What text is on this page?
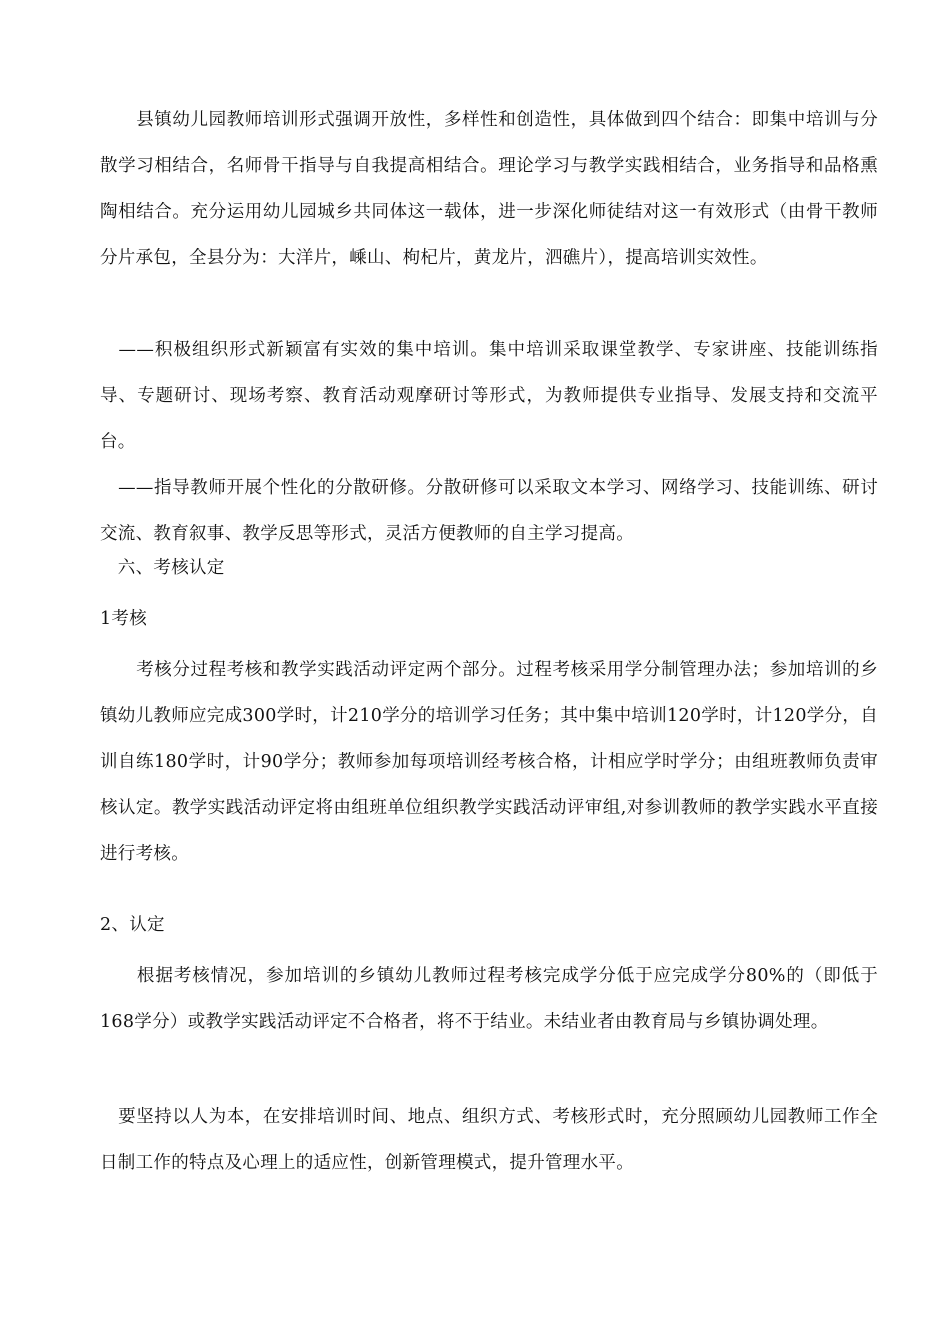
　　县镇幼儿园教师培训形式强调开放性，多样性和创造性，具体做到四个结合：即集中培训与分散学习相结合，名师骨干指导与自我提高相结合。理论学习与教学实践相结合，业务指导和品格熏陶相结合。充分运用幼儿园城乡共同体这一载体，进一步深化师徒结对这一有效形式（由骨干教师分片承包，全县分为：大洋片，嵊山、枸杞片，黄龙片，泗礁片），提高培训实效性。

　——积极组织形式新颖富有实效的集中培训。集中培训采取课堂教学、专家讲座、技能训练指导、专题研讨、现场考察、教育活动观摩研讨等形式，为教师提供专业指导、发展支持和交流平台。

　——指导教师开展个性化的分散研修。分散研修可以采取文本学习、网络学习、技能训练、研讨交流、教育叙事、教学反思等形式，灵活方便教师的自主学习提高。

　六、考核认定

1考核

　　考核分过程考核和教学实践活动评定两个部分。过程考核采用学分制管理办法；参加培训的乡镇幼儿教师应完成300学时，计210学分的培训学习任务；其中集中培训120学时，计120学分，自训自练180学时，计90学分；教师参加每项培训经考核合格，计相应学时学分；由组班教师负责审核认定。教学实践活动评定将由组班单位组织教学实践活动评审组,对参训教师的教学实践水平直接进行考核。

2、认定

　　根据考核情况，参加培训的乡镇幼儿教师过程考核完成学分低于应完成学分80%的（即低于168学分）或教学实践活动评定不合格者，将不于结业。未结业者由教育局与乡镇协调处理。

　要坚持以人为本，在安排培训时间、地点、组织方式、考核形式时，充分照顾幼儿园教师工作全日制工作的特点及心理上的适应性，创新管理模式，提升管理水平。
